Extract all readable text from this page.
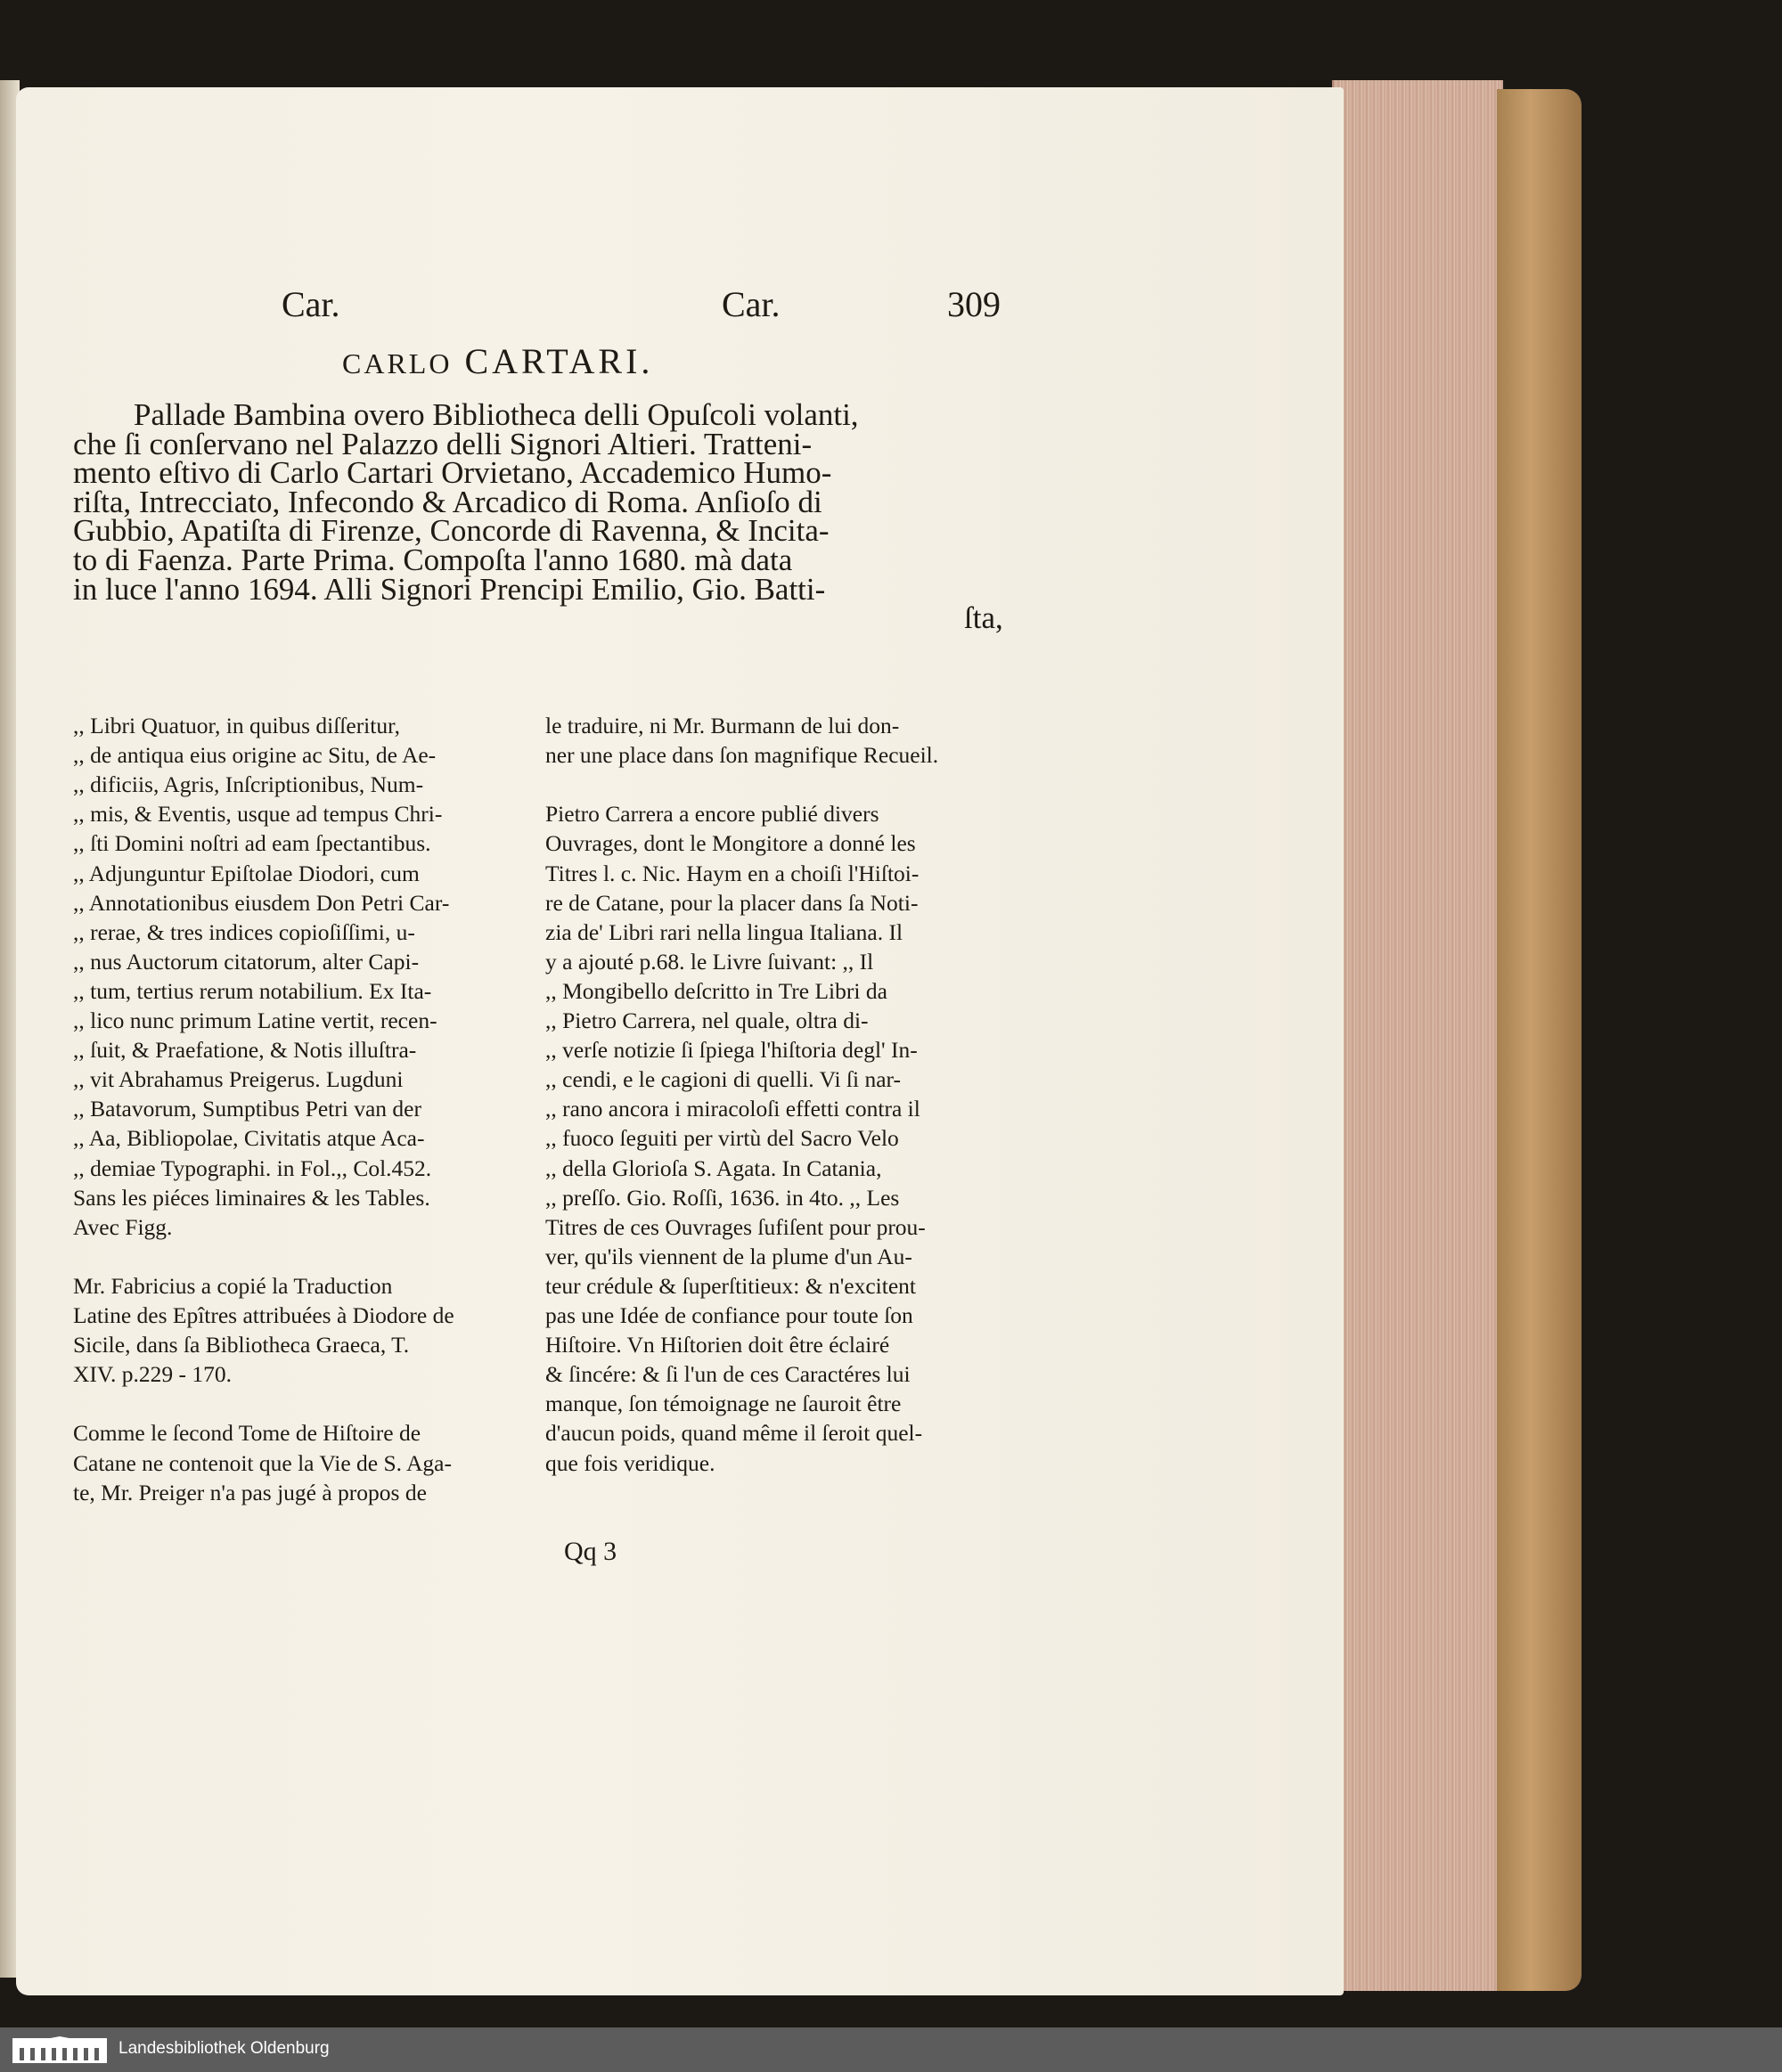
Car.	Car.	309
CARLO CARTARI.
Pallade Bambina overo Bibliotheca delli Opuſcoli volanti,
che ſi conſervano nel Palazzo delli Signori Altieri. Tratteni-
mento eſtivo di Carlo Cartari Orvietano, Accademico Humo-
riſta, Intrecciato, Infecondo & Arcadico di Roma. Anſioſo di
Gubbio, Apatiſta di Firenze, Concorde di Ravenna, & Incita-
to di Faenza. Parte Prima. Compoſta l'anno 1680. mà data
in luce l'anno 1694. Alli Signori Prencipi Emilio, Gio. Batti-
ſta,
,, Libri Quatuor, in quibus diſſeritur,
,, de antiqua eius origine ac Situ, de Ae-
,, dificiis, Agris, Inſcriptionibus, Num-
,, mis, & Eventis, usque ad tempus Chri-
,, ſti Domini noſtri ad eam ſpectantibus.
,, Adjunguntur Epiſtolae Diodori, cum
,, Annotationibus eiusdem Don Petri Car-
,, rerae, & tres indices copioſiſſimi, u-
,, nus Auctorum citatorum, alter Capi-
,, tum, tertius rerum notabilium. Ex Ita-
,, lico nunc primum Latine vertit, recen-
,, ſuit, & Praefatione, & Notis illuſtra-
,, vit Abrahamus Preigerus. Lugduni
,, Batavorum, Sumptibus Petri van der
,, Aa, Bibliopolae, Civitatis atque Aca-
,, demiae Typographi. in Fol.,, Col.452.
Sans les piéces liminaires & les Tables.
Avec Figg.
Mr. Fabricius a copié la Traduction
Latine des Epîtres attribuées à Diodore de
Sicile, dans ſa Bibliotheca Graeca, T.
XIV. p.229 - 170.
Comme le ſecond Tome de Hiſtoire de
Catane ne contenoit que la Vie de S. Aga-
te, Mr. Preiger n'a pas jugé à propos de
le traduire, ni Mr. Burmann de lui don-
ner une place dans ſon magnifique Recueil.
Pietro Carrera a encore publié divers
Ouvrages, dont le Mongitore a donné les
Titres l. c. Nic. Haym en a choiſi l'Hiſtoi-
re de Catane, pour la placer dans ſa Noti-
zia de' Libri rari nella lingua Italiana. Il
y a ajouté p.68. le Livre ſuivant: ,, Il
,, Mongibello deſcritto in Tre Libri da
,, Pietro Carrera, nel quale, oltra di-
,, verſe notizie ſi ſpiega l'hiſtoria degl' In-
,, cendi, e le cagioni di quelli. Vi ſi nar-
,, rano ancora i miracoloſi effetti contra il
,, fuoco ſeguiti per virtù del Sacro Velo
,, della Glorioſa S. Agata. In Catania,
,, preſſo. Gio. Roſſi, 1636. in 4to. ,, Les
Titres de ces Ouvrages ſufiſent pour prou-
ver, qu'ils viennent de la plume d'un Au-
teur crédule & ſuperſtitieux: & n'excitent
pas une Idée de confiance pour toute ſon
Hiſtoire. Vn Hiſtorien doit être éclairé
& ſincére: & ſi l'un de ces Caractéres lui
manque, ſon témoignage ne ſauroit être
d'aucun poids, quand même il ſeroit quel-
que fois veridique.
Qq 3
Landesbibliothek Oldenburg
